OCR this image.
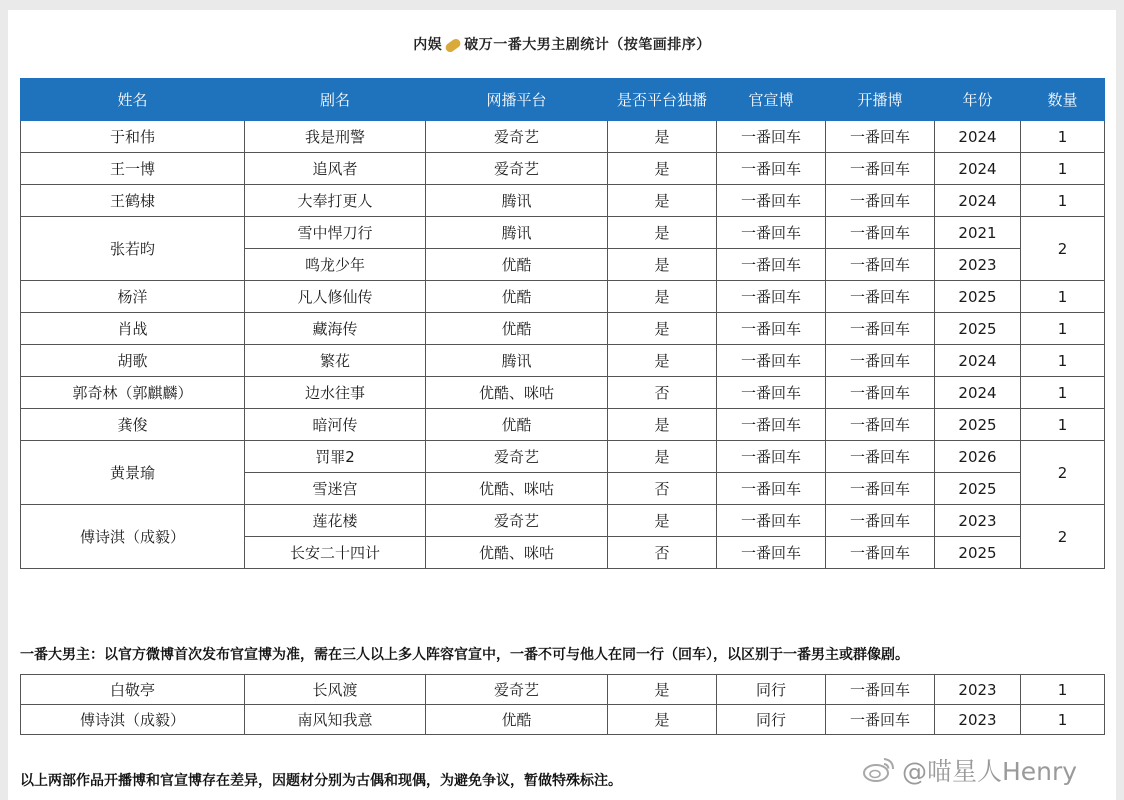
内娱 破万一番大男主剧统计（按笔画排序）
姓名	剧名	网播平台	是否平台独播	官宣博	开播博	年份	数量
于和伟	我是刑警	爱奇艺	是	一番回车	一番回车	2024	1
王一博	追风者	爱奇艺	是	一番回车	一番回车	2024	1
王鹤棣	大奉打更人	腾讯	是	一番回车	一番回车	2024	1
张若昀	雪中悍刀行	腾讯	是	一番回车	一番回车	2021	2
	鸣龙少年	优酷	是	一番回车	一番回车	2023	
杨洋	凡人修仙传	优酷	是	一番回车	一番回车	2025	1
肖战	藏海传	优酷	是	一番回车	一番回车	2025	1
胡歌	繁花	腾讯	是	一番回车	一番回车	2024	1
郭奇林（郭麒麟）	边水往事	优酷、咪咕	否	一番回车	一番回车	2024	1
龚俊	暗河传	优酷	是	一番回车	一番回车	2025	1
黄景瑜	罚罪2	爱奇艺	是	一番回车	一番回车	2026	2
	雪迷宫	优酷、咪咕	否	一番回车	一番回车	2025	
傅诗淇（成毅）	莲花楼	爱奇艺	是	一番回车	一番回车	2023	2
	长安二十四计	优酷、咪咕	否	一番回车	一番回车	2025	
一番大男主：以官方微博首次发布官宣博为准，需在三人以上多人阵容官宣中，一番不可与他人在同一行（回车），以区别于一番男主或群像剧。
白敬亭	长风渡	爱奇艺	是	同行	一番回车	2023	1
傅诗淇（成毅）	南风知我意	优酷	是	同行	一番回车	2023	1
以上两部作品开播博和官宣博存在差异，因题材分别为古偶和现偶，为避免争议，暂做特殊标注。	@喵星人Henry
